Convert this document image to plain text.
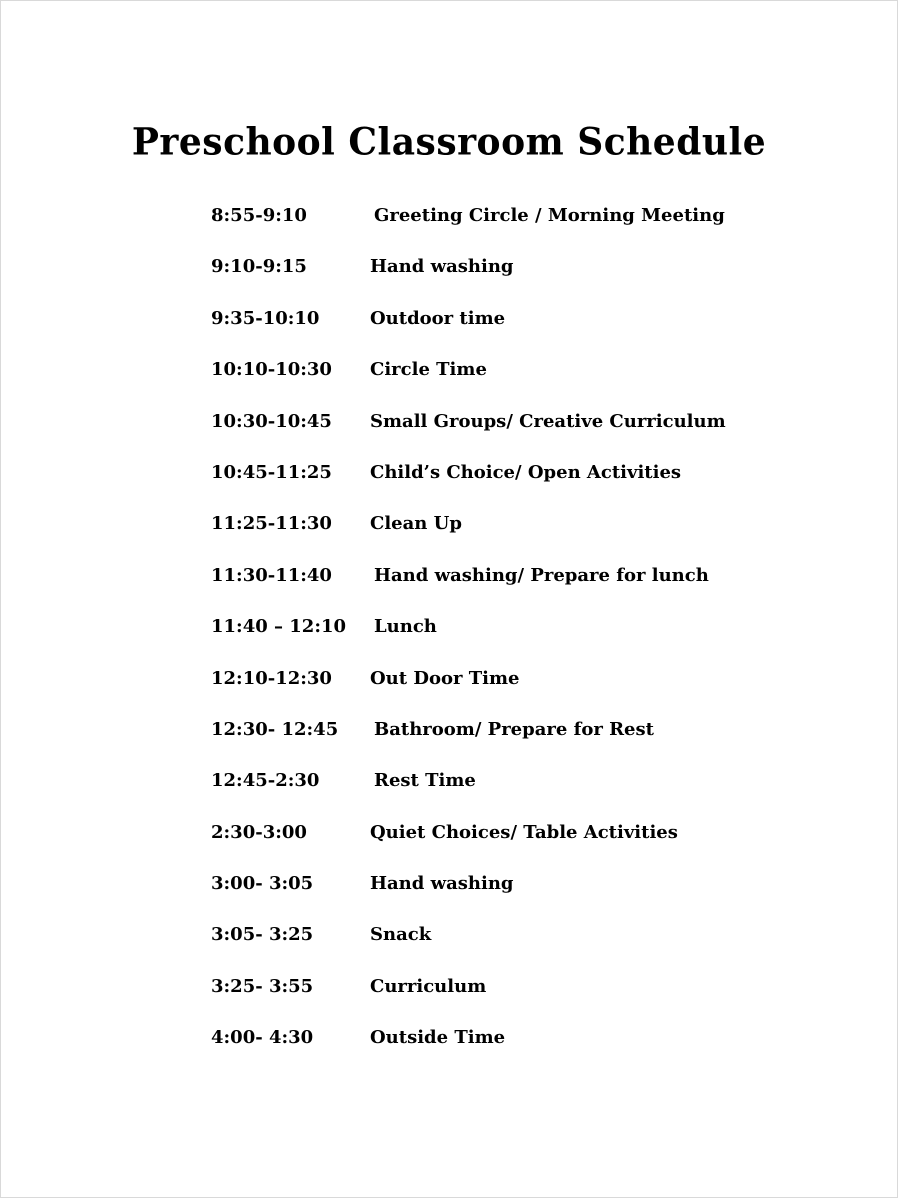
Preschool Classroom Schedule
8:55-9:10	Greeting Circle / Morning Meeting
9:10-9:15	Hand washing
9:35-10:10	Outdoor time
10:10-10:30 Circle Time
10:30-10:45 Small Groups/ Creative Curriculum
10:45-11:25 Child’s Choice/ Open Activities
11:25-11:30 Clean Up
11:30-11:40 Hand washing/ Prepare for lunch
11:40 – 12:10 Lunch
12:10-12:30 Out Door Time
12:30- 12:45 Bathroom/ Prepare for Rest
12:45-2:30	Rest Time
2:30-3:00	Quiet Choices/ Table Activities
3:00- 3:05	Hand washing
3:05- 3:25	Snack
3:25- 3:55	Curriculum
4:00- 4:30	Outside Time
